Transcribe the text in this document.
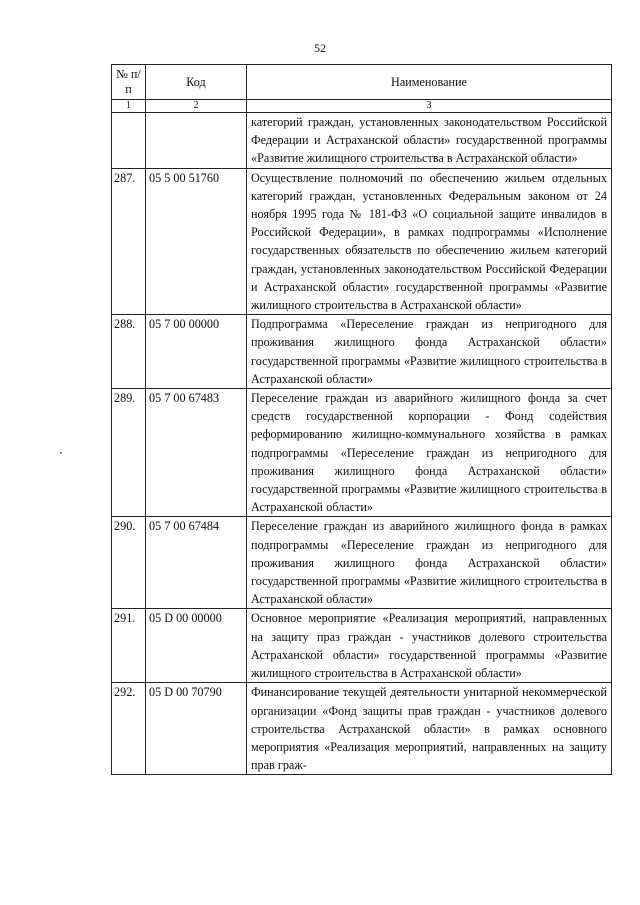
52
№ п/п	Код	Наименование
1	2	3
		категорий граждан, установленных законодательством Российской Федерации и Астраханской области» государственной программы «Развитие жилищного строительства в Астраханской области»
287.	05 5 00 51760	Осуществление полномочий по обеспечению жильем отдельных категорий граждан, установленных Федеральным законом от 24 ноября 1995 года № 181-ФЗ «О социальной защите инвалидов в Российской Федерации», в рамках подпрограммы «Исполнение государственных обязательств по обеспечению жильем категорий граждан, установленных законодательством Российской Федерации и Астраханской области» государственной программы «Развитие жилищного строительства в Астраханской области»
288.	05 7 00 00000	Подпрограмма «Переселение граждан из непригодного для проживания жилищного фонда Астраханской области» государственной программы «Развитие жилищного строительства в Астраханской области»
289.	05 7 00 67483	Переселение граждан из аварийного жилищного фонда за счет средств государственной корпорации - Фонд содействия реформированию жилищно-коммунального хозяйства в рамках подпрограммы «Переселение граждан из непригодного для проживания жилищного фонда Астраханской области» государственной программы «Развитие жилищного строительства в Астраханской области»
290.	05 7 00 67484	Переселение граждан из аварийного жилищного фонда в рамках подпрограммы «Переселение граждан из непригодного для проживания жилищного фонда Астраханской области» государственной программы «Развитие жилищного строительства в Астраханской области»
291.	05 D 00 00000	Основное мероприятие «Реализация мероприятий, направленных на защиту праз граждан - участников долевого строительства Астраханской области» государственной программы «Развитие жилищного строительства в Астраханской области»
292.	05 D 00 70790	Финансирование текущей деятельности унитарной некоммерческой организации «Фонд защиты прав граждан - участников долевого строительства Астраханской области» в рамках основного мероприятия «Реализация мероприятий, направленных на защиту прав граж-
